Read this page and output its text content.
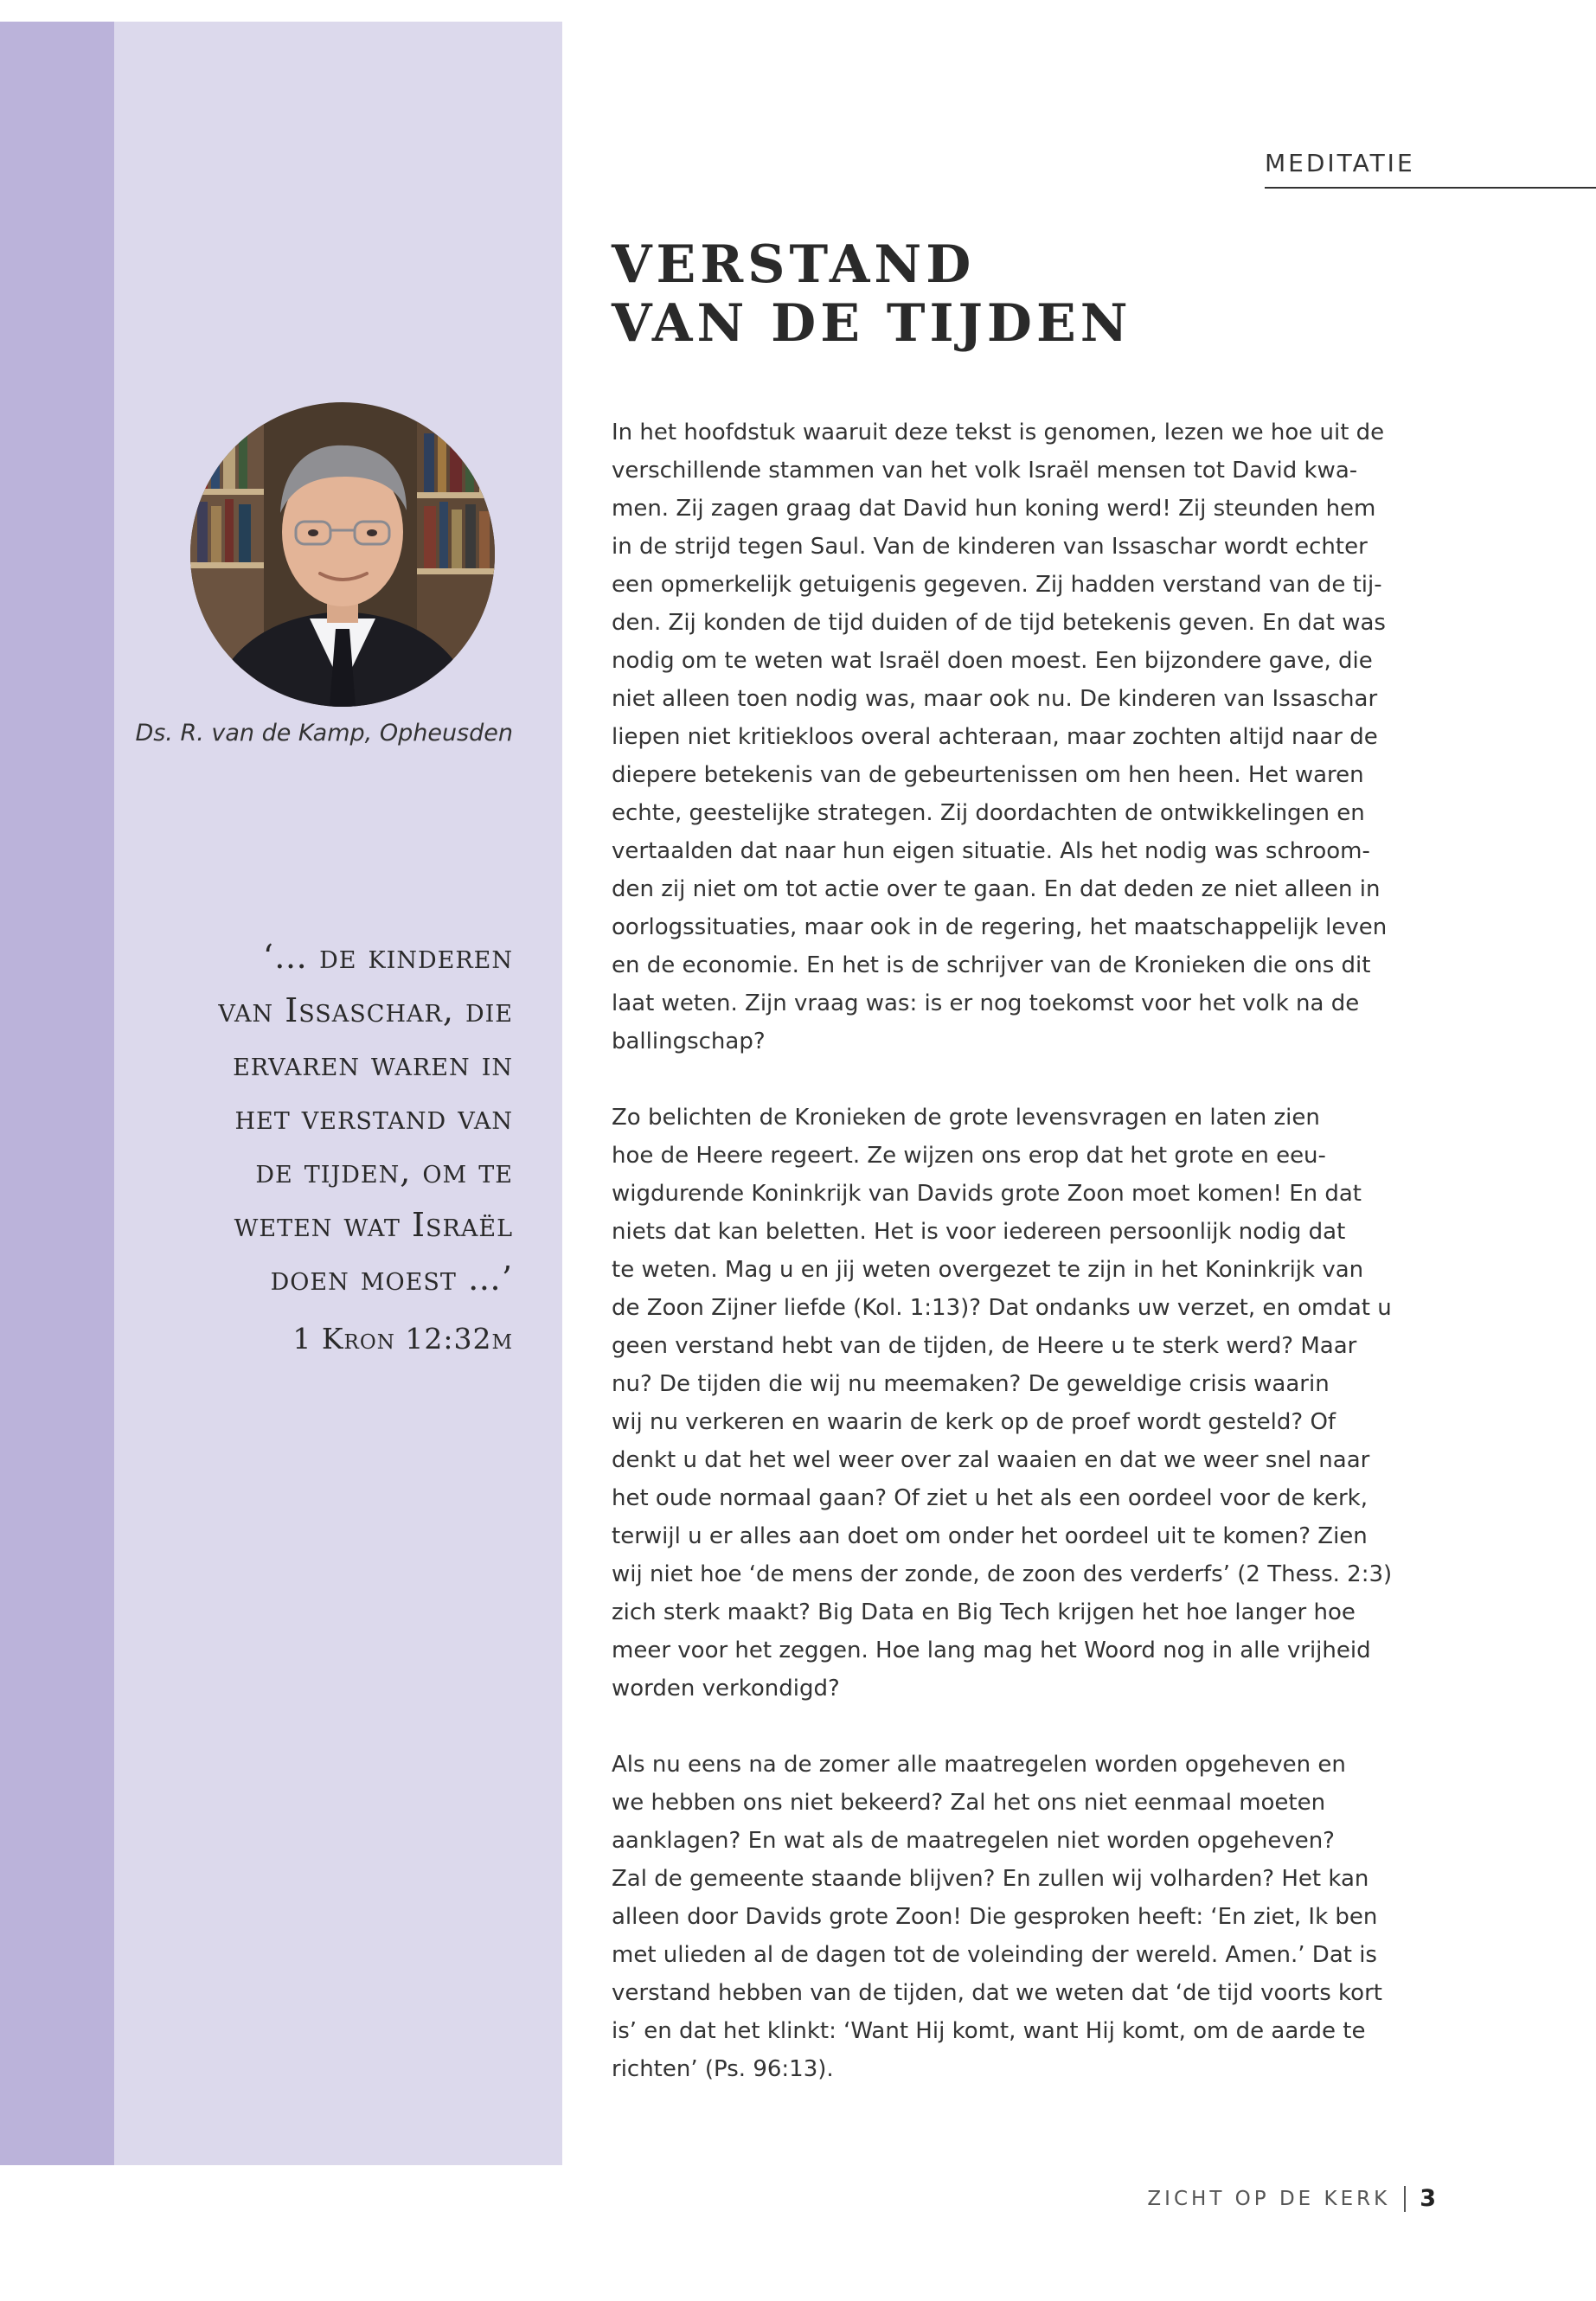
MEDITATIE
VERSTAND
VAN DE TIJDEN
Ds. R. van de Kamp, Opheusden
‘… de kinderen
van Issaschar, die
ervaren waren in
het verstand van
de tijden, om te
weten wat Israël
doen moest …’
1 Kron 12:32m
In het hoofdstuk waaruit deze tekst is genomen, lezen we hoe uit de
verschillende stammen van het volk Israël mensen tot David kwa-
men. Zij zagen graag dat David hun koning werd! Zij steunden hem
in de strijd tegen Saul. Van de kinderen van Issaschar wordt echter
een opmerkelijk getuigenis gegeven. Zij hadden verstand van de tij-
den. Zij konden de tijd duiden of de tijd betekenis geven. En dat was
nodig om te weten wat Israël doen moest. Een bijzondere gave, die
niet alleen toen nodig was, maar ook nu. De kinderen van Issaschar
liepen niet kritiekloos overal achteraan, maar zochten altijd naar de
diepere betekenis van de gebeurtenissen om hen heen. Het waren
echte, geestelijke strategen. Zij doordachten de ontwikkelingen en
vertaalden dat naar hun eigen situatie. Als het nodig was schroom-
den zij niet om tot actie over te gaan. En dat deden ze niet alleen in
oorlogssituaties, maar ook in de regering, het maatschappelijk leven
en de economie. En het is de schrijver van de Kronieken die ons dit
laat weten. Zijn vraag was: is er nog toekomst voor het volk na de
ballingschap?
Zo belichten de Kronieken de grote levensvragen en laten zien
hoe de Heere regeert. Ze wijzen ons erop dat het grote en eeu-
wigdurende Koninkrijk van Davids grote Zoon moet komen! En dat
niets dat kan beletten. Het is voor iedereen persoonlijk nodig dat
te weten. Mag u en jij weten overgezet te zijn in het Koninkrijk van
de Zoon Zijner liefde (Kol. 1:13)? Dat ondanks uw verzet, en omdat u
geen verstand hebt van de tijden, de Heere u te sterk werd? Maar
nu? De tijden die wij nu meemaken? De geweldige crisis waarin
wij nu verkeren en waarin de kerk op de proef wordt gesteld? Of
denkt u dat het wel weer over zal waaien en dat we weer snel naar
het oude normaal gaan? Of ziet u het als een oordeel voor de kerk,
terwijl u er alles aan doet om onder het oordeel uit te komen? Zien
wij niet hoe ‘de mens der zonde, de zoon des verderfs’ (2 Thess. 2:3)
zich sterk maakt? Big Data en Big Tech krijgen het hoe langer hoe
meer voor het zeggen. Hoe lang mag het Woord nog in alle vrijheid
worden verkondigd?
Als nu eens na de zomer alle maatregelen worden opgeheven en
we hebben ons niet bekeerd? Zal het ons niet eenmaal moeten
aanklagen? En wat als de maatregelen niet worden opgeheven?
Zal de gemeente staande blijven? En zullen wij volharden? Het kan
alleen door Davids grote Zoon! Die gesproken heeft: ‘En ziet, Ik ben
met ulieden al de dagen tot de voleinding der wereld. Amen.’ Dat is
verstand hebben van de tijden, dat we weten dat ‘de tijd voorts kort
is’ en dat het klinkt: ‘Want Hij komt, want Hij komt, om de aarde te
richten’ (Ps. 96:13).
ZICHT OP DE KERK 3
